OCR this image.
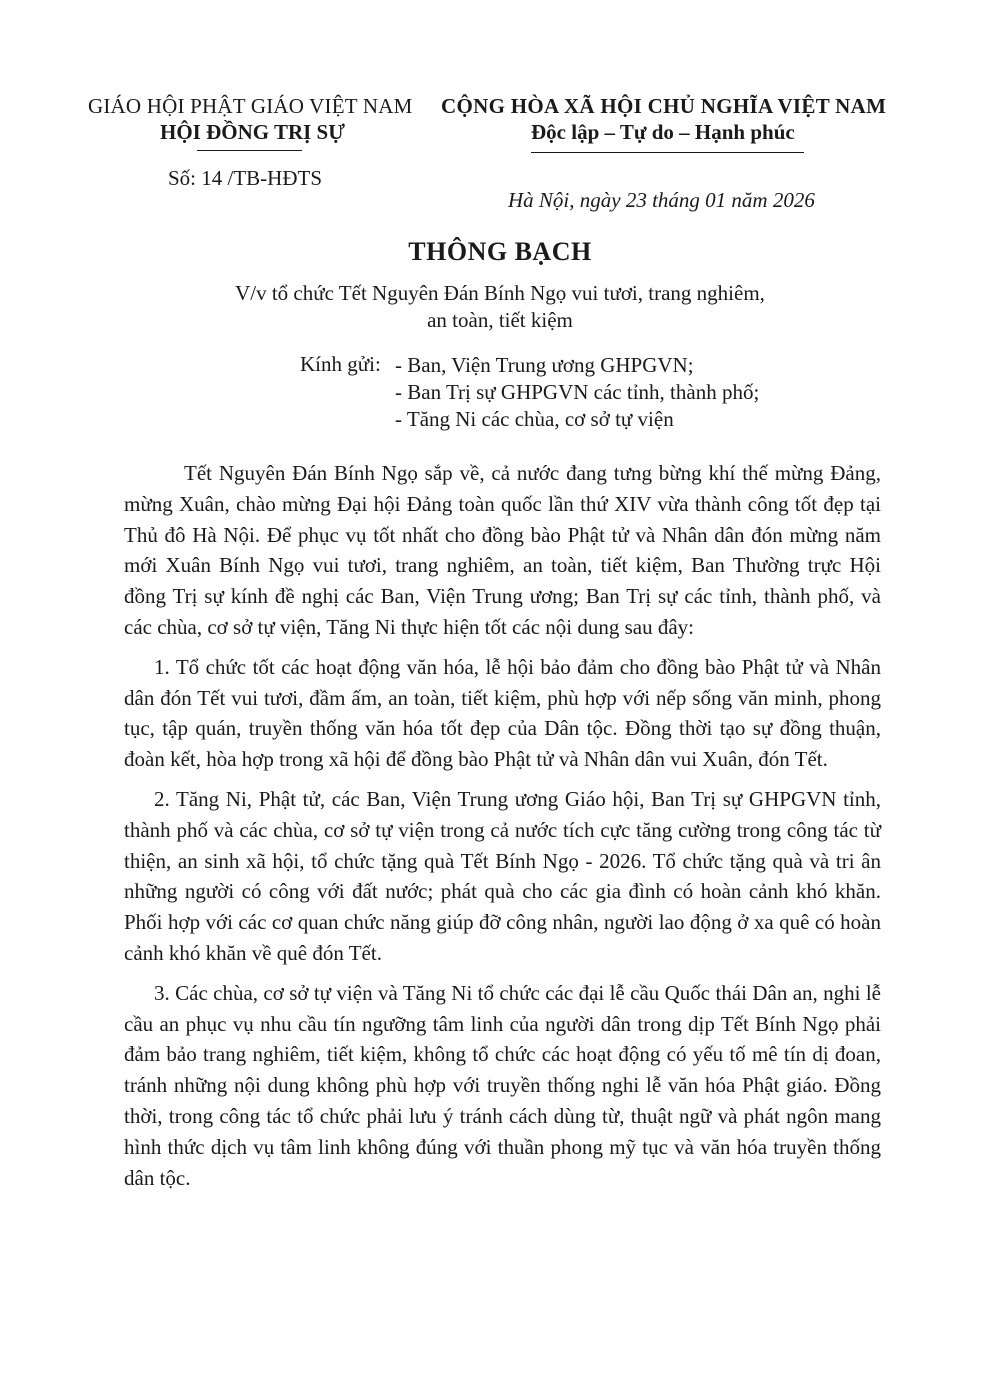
GIÁO HỘI PHẬT GIÁO VIỆT NAM
HỘI ĐỒNG TRỊ SỰ
CỘNG HÒA XÃ HỘI CHỦ NGHĨA VIỆT NAM
Độc lập – Tự do – Hạnh phúc
Số: 14 /TB-HĐTS
Hà Nội, ngày 23 tháng 01 năm 2026
THÔNG BẠCH
V/v tổ chức Tết Nguyên Đán Bính Ngọ vui tươi, trang nghiêm,
an toàn, tiết kiệm
Kính gửi: - Ban, Viện Trung ương GHPGVN;
- Ban Trị sự GHPGVN các tỉnh, thành phố;
- Tăng Ni các chùa, cơ sở tự viện

Tết Nguyên Đán Bính Ngọ sắp về, cả nước đang tưng bừng khí thế mừng Đảng, mừng Xuân, chào mừng Đại hội Đảng toàn quốc lần thứ XIV vừa thành công tốt đẹp tại Thủ đô Hà Nội. Để phục vụ tốt nhất cho đồng bào Phật tử và Nhân dân đón mừng năm mới Xuân Bính Ngọ vui tươi, trang nghiêm, an toàn, tiết kiệm, Ban Thường trực Hội đồng Trị sự kính đề nghị các Ban, Viện Trung ương; Ban Trị sự các tỉnh, thành phố, và các chùa, cơ sở tự viện, Tăng Ni thực hiện tốt các nội dung sau đây:

1. Tổ chức tốt các hoạt động văn hóa, lễ hội bảo đảm cho đồng bào Phật tử và Nhân dân đón Tết vui tươi, đầm ấm, an toàn, tiết kiệm, phù hợp với nếp sống văn minh, phong tục, tập quán, truyền thống văn hóa tốt đẹp của Dân tộc. Đồng thời tạo sự đồng thuận, đoàn kết, hòa hợp trong xã hội để đồng bào Phật tử và Nhân dân vui Xuân, đón Tết.

2. Tăng Ni, Phật tử, các Ban, Viện Trung ương Giáo hội, Ban Trị sự GHPGVN tỉnh, thành phố và các chùa, cơ sở tự viện trong cả nước tích cực tăng cường trong công tác từ thiện, an sinh xã hội, tổ chức tặng quà Tết Bính Ngọ - 2026. Tổ chức tặng quà và tri ân những người có công với đất nước; phát quà cho các gia đình có hoàn cảnh khó khăn. Phối hợp với các cơ quan chức năng giúp đỡ công nhân, người lao động ở xa quê có hoàn cảnh khó khăn về quê đón Tết.

3. Các chùa, cơ sở tự viện và Tăng Ni tổ chức các đại lễ cầu Quốc thái Dân an, nghi lễ cầu an phục vụ nhu cầu tín ngưỡng tâm linh của người dân trong dịp Tết Bính Ngọ phải đảm bảo trang nghiêm, tiết kiệm, không tổ chức các hoạt động có yếu tố mê tín dị đoan, tránh những nội dung không phù hợp với truyền thống nghi lễ văn hóa Phật giáo. Đồng thời, trong công tác tổ chức phải lưu ý tránh cách dùng từ, thuật ngữ và phát ngôn mang hình thức dịch vụ tâm linh không đúng với thuần phong mỹ tục và văn hóa truyền thống dân tộc.
